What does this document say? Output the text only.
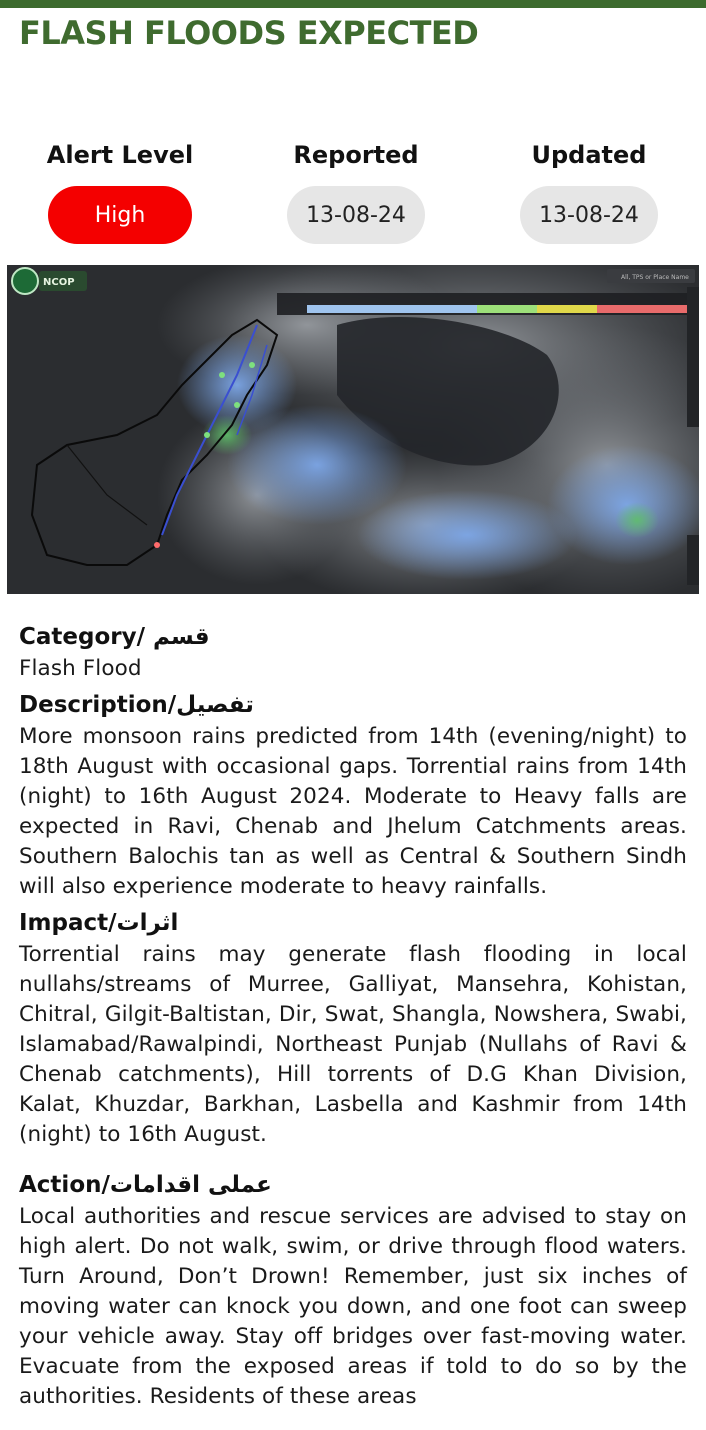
FLASH FLOODS EXPECTED
Alert Level
High
Reported
13-08-24
Updated
13-08-24
All, TPS or Place Name
NCOP
Category/ قسم

Flash Flood

Description/تفصیل

More monsoon rains predicted from 14th (evening/night) to 18th August with occasional gaps. Torrential rains from 14th (night) to 16th August 2024. Moderate to Heavy falls are expected in Ravi, Chenab and Jhelum Catchments areas. Southern Balochis tan as well as Central & Southern Sindh will also experience moderate to heavy rainfalls.

Impact/اثرات

Torrential rains may generate flash flooding in local nullahs/streams of Murree, Galliyat, Mansehra, Kohistan, Chitral, Gilgit-Baltistan, Dir, Swat, Shangla, Nowshera, Swabi, Islamabad/Rawalpindi, Northeast Punjab (Nullahs of Ravi & Chenab catchments), Hill torrents of D.G Khan Division, Kalat, Khuzdar, Barkhan, Lasbella and Kashmir from 14th (night) to 16th August.

Action/عملی اقدامات

Local authorities and rescue services are advised to stay on high alert. Do not walk, swim, or drive through flood waters. Turn Around, Don’t Drown! Remember, just six inches of moving water can knock you down, and one foot can sweep your vehicle away. Stay off bridges over fast-moving water. Evacuate from the exposed areas if told to do so by the authorities. Residents of these areas
